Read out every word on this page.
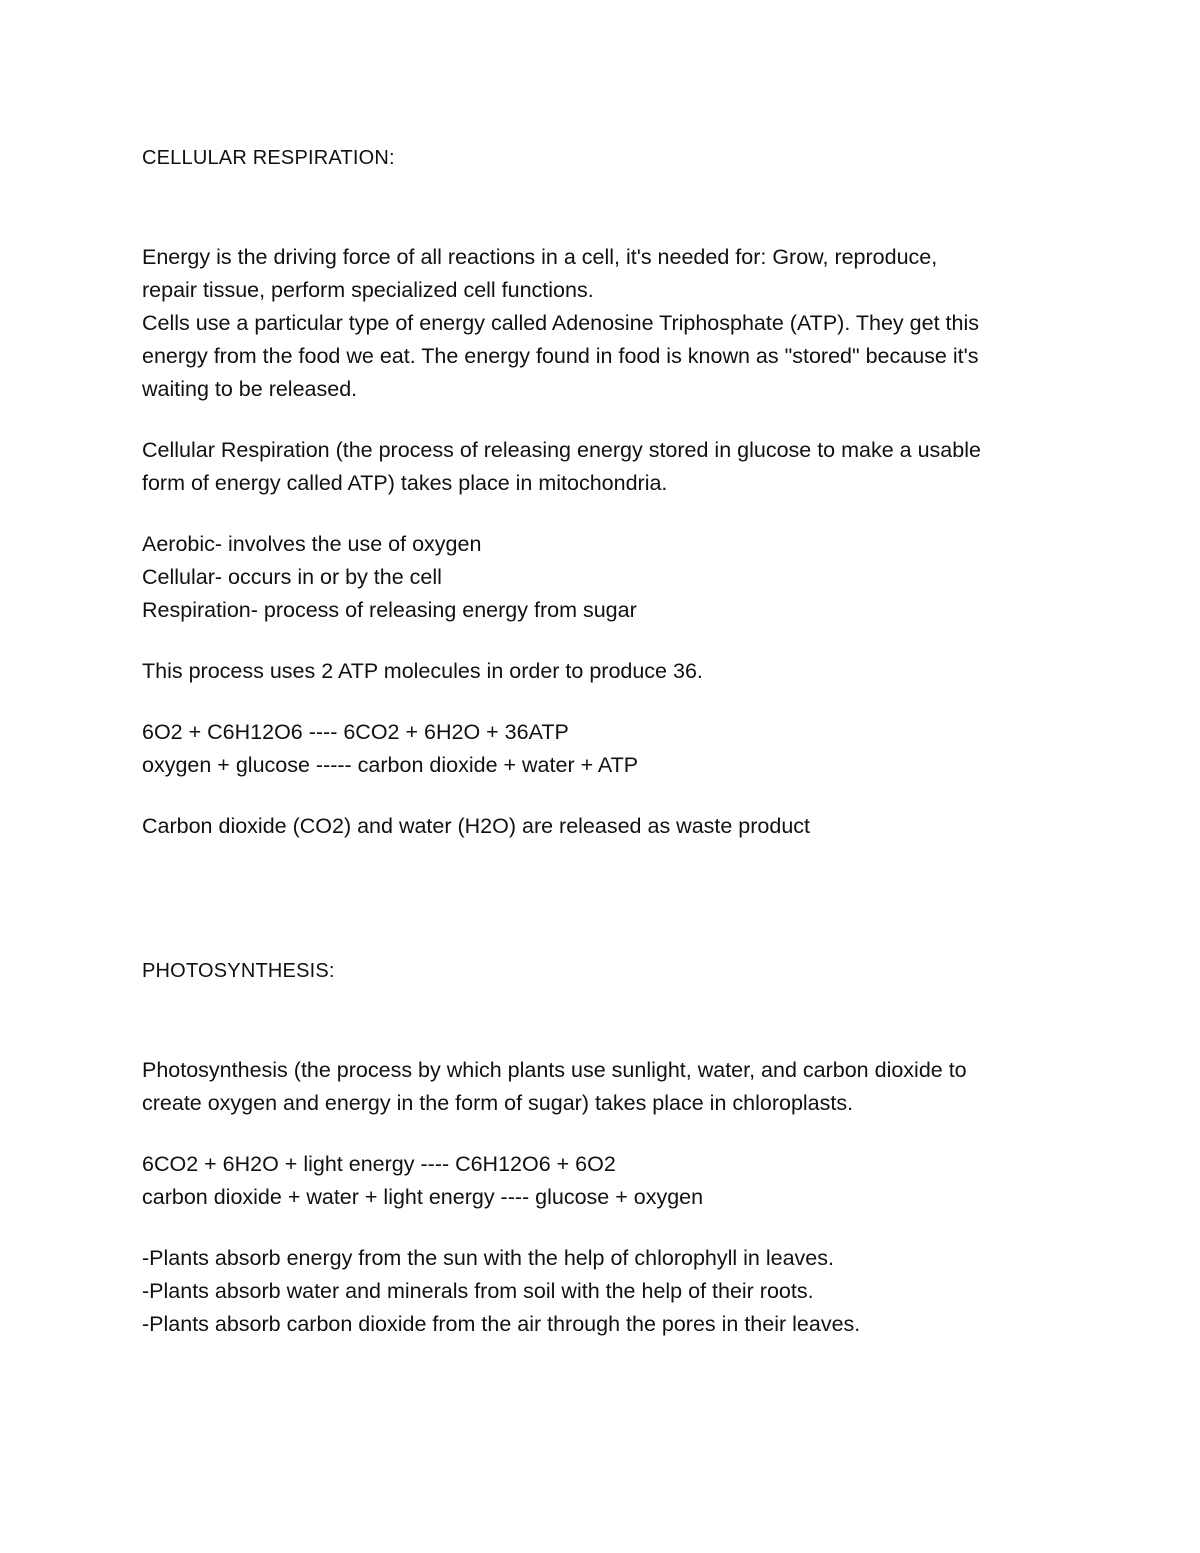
CELLULAR RESPIRATION:

Energy is the driving force of all reactions in a cell, it's needed for: Grow, reproduce,
repair tissue, perform specialized cell functions.
Cells use a particular type of energy called Adenosine Triphosphate (ATP). They get this
energy from the food we eat. The energy found in food is known as "stored" because it's
waiting to be released.

Cellular Respiration (the process of releasing energy stored in glucose to make a usable
form of energy called ATP) takes place in mitochondria.

Aerobic- involves the use of oxygen
Cellular- occurs in or by the cell
Respiration- process of releasing energy from sugar

This process uses 2 ATP molecules in order to produce 36.

6O2 + C6H12O6 ---- 6CO2 + 6H2O + 36ATP
oxygen + glucose ----- carbon dioxide + water + ATP

Carbon dioxide (CO2) and water (H2O) are released as waste product

PHOTOSYNTHESIS:

Photosynthesis (the process by which plants use sunlight, water, and carbon dioxide to
create oxygen and energy in the form of sugar) takes place in chloroplasts.

6CO2 + 6H2O + light energy ---- C6H12O6 + 6O2
carbon dioxide + water + light energy ---- glucose + oxygen

-Plants absorb energy from the sun with the help of chlorophyll in leaves.
-Plants absorb water and minerals from soil with the help of their roots.
-Plants absorb carbon dioxide from the air through the pores in their leaves.
